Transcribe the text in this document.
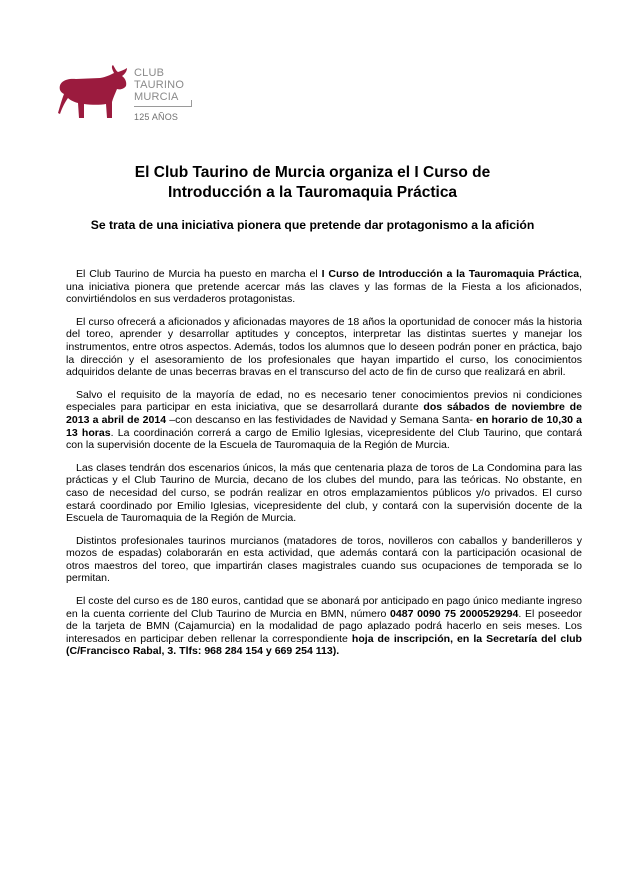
CLUB
TAURINO
MURCIA
125 AÑOS
El Club Taurino de Murcia organiza el I Curso de
Introducción a la Tauromaquia Práctica
Se trata de una iniciativa pionera que pretende dar protagonismo a la afición

El Club Taurino de Murcia ha puesto en marcha el I Curso de Introducción a la Tauromaquia Práctica, una iniciativa pionera que pretende acercar más las claves y las formas de la Fiesta a los aficionados, convirtiéndolos en sus verdaderos protagonistas.

El curso ofrecerá a aficionados y aficionadas mayores de 18 años la oportunidad de conocer más la historia del toreo, aprender y desarrollar aptitudes y conceptos, interpretar las distintas suertes y manejar los instrumentos, entre otros aspectos. Además, todos los alumnos que lo deseen podrán poner en práctica, bajo la dirección y el asesoramiento de los profesionales que hayan impartido el curso, los conocimientos adquiridos delante de unas becerras bravas en el transcurso del acto de fin de curso que realizará en abril.

Salvo el requisito de la mayoría de edad, no es necesario tener conocimientos previos ni condiciones especiales para participar en esta iniciativa, que se desarrollará durante dos sábados de noviembre de 2013 a abril de 2014 –con descanso en las festividades de Navidad y Semana Santa- en horario de 10,30 a 13 horas. La coordinación correrá a cargo de Emilio Iglesias, vicepresidente del Club Taurino, que contará con la supervisión docente de la Escuela de Tauromaquia de la Región de Murcia.

Las clases tendrán dos escenarios únicos, la más que centenaria plaza de toros de La Condomina para las prácticas y el Club Taurino de Murcia, decano de los clubes del mundo, para las teóricas. No obstante, en caso de necesidad del curso, se podrán realizar en otros emplazamientos públicos y/o privados. El curso estará coordinado por Emilio Iglesias, vicepresidente del club, y contará con la supervisión docente de la Escuela de Tauromaquia de la Región de Murcia.

Distintos profesionales taurinos murcianos (matadores de toros, novilleros con caballos y banderilleros y mozos de espadas) colaborarán en esta actividad, que además contará con la participación ocasional de otros maestros del toreo, que impartirán clases magistrales cuando sus ocupaciones de temporada se lo permitan.

El coste del curso es de 180 euros, cantidad que se abonará por anticipado en pago único mediante ingreso en la cuenta corriente del Club Taurino de Murcia en BMN, número 0487 0090 75 2000529294. El poseedor de la tarjeta de BMN (Cajamurcia) en la modalidad de pago aplazado podrá hacerlo en seis meses. Los interesados en participar deben rellenar la correspondiente hoja de inscripción, en la Secretaría del club (C/Francisco Rabal, 3. Tlfs: 968 284 154 y 669 254 113).
